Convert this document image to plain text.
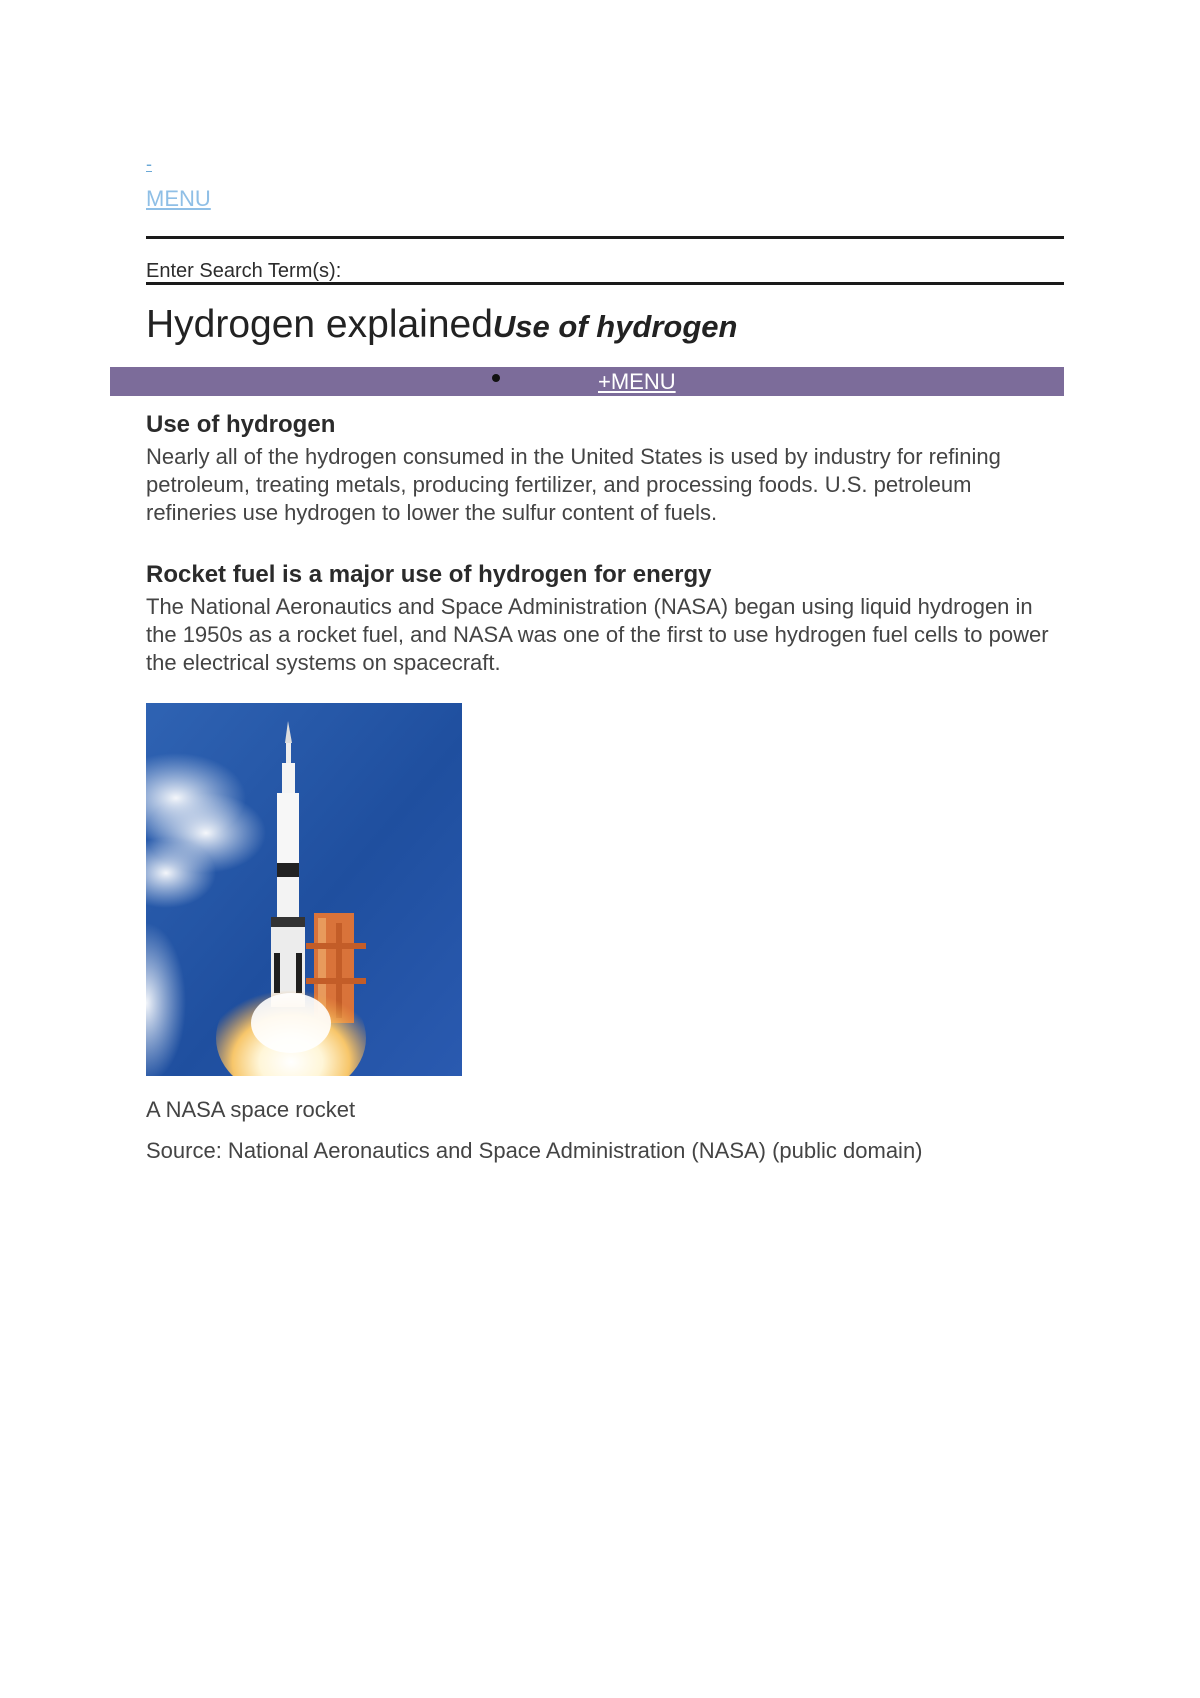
-
MENU
Enter Search Term(s):
Hydrogen explainedUse of hydrogen
+MENU
Use of hydrogen

Nearly all of the hydrogen consumed in the United States is used by industry for refining petroleum, treating metals, producing fertilizer, and processing foods. U.S. petroleum refineries use hydrogen to lower the sulfur content of fuels.

Rocket fuel is a major use of hydrogen for energy

The National Aeronautics and Space Administration (NASA) began using liquid hydrogen in the 1950s as a rocket fuel, and NASA was one of the first to use hydrogen fuel cells to power the electrical systems on spacecraft.

A NASA space rocket
Source: National Aeronautics and Space Administration (NASA) (public domain)
